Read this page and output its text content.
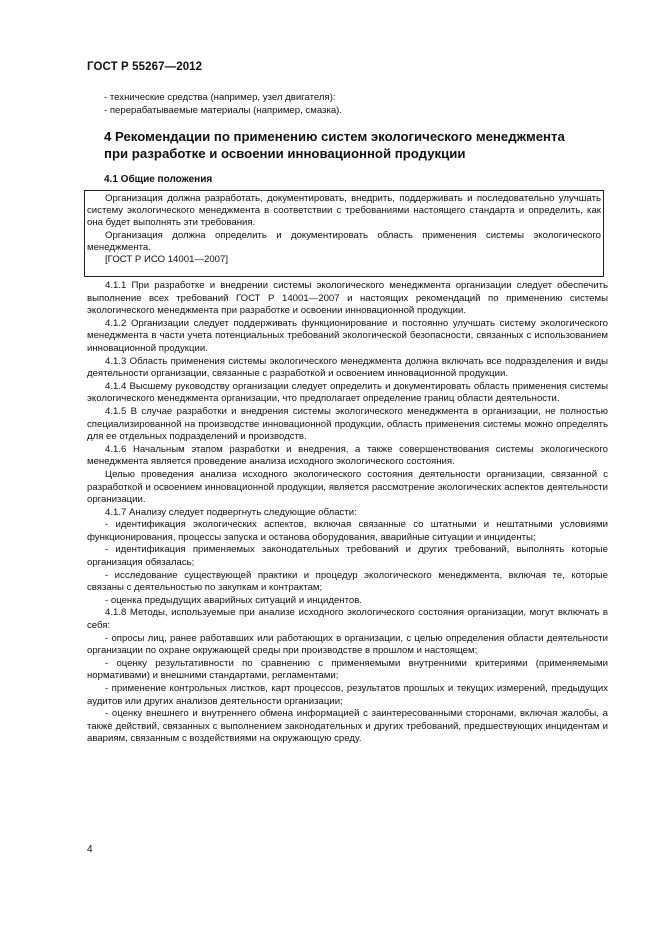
ГОСТ Р 55267—2012
- технические средства (например, узел двигателя):
- перерабатываемые материалы (например, смазка).
4 Рекомендации по применению систем экологического менеджмента
при разработке и освоении инновационной продукции
4.1 Общие положения

Организация должна разработать, документировать, внедрить, поддерживать и последовательно улучшать систему экологического менеджмента в соответствии с требованиями настоящего стандарта и определить, как она будет выполнять эти требования.

Организация должна определить и документировать область применения системы экологического менеджмента.

[ГОСТ Р ИСО 14001—2007]

4.1.1 При разработке и внедрении системы экологического менеджмента организации следует обеспечить выполнение всех требований ГОСТ Р 14001—2007 и настоящих рекомендаций по применению системы экологического менеджмента при разработке и освоении инновационной продукции.

4.1.2 Организации следует поддерживать функционирование и постоянно улучшать систему экологического менеджмента в части учета потенциальных требований экологической безопасности, связанных с использованием инновационной продукции.

4.1.3 Область применения системы экологического менеджмента должна включать все подразделения и виды деятельности организации, связанные с разработкой и освоением инновационной продукции.

4.1.4 Высшему руководству организации следует определить и документировать область применения системы экологического менеджмента организации, что предполагает определение границ области деятельности.

4.1.5 В случае разработки и внедрения системы экологического менеджмента в организации, не полностью специализированной на производстве инновационной продукции, область применения системы можно определять для ее отдельных подразделений и производств.

4.1.6 Начальным этапом разработки и внедрения, а также совершенствования системы экологического менеджмента является проведение анализа исходного экологического состояния.

Целью проведения анализа исходного экологического состояния деятельности организации, связанной с разработкой и освоением инновационной продукции, является рассмотрение экологических аспектов деятельности организации.

4.1.7 Анализу следует подвергнуть следующие области:

- идентификация экологических аспектов, включая связанные со штатными и нештатными условиями функционирования, процессы запуска и останова оборудования, аварийные ситуации и инциденты;

- идентификация применяемых законодательных требований и других требований, выполнять которые организация обязалась;

- исследование существующей практики и процедур экологического менеджмента, включая те, которые связаны с деятельностью по закупкам и контрактам;

- оценка предыдущих аварийных ситуаций и инцидентов.

4.1.8 Методы, используемые при анализе исходного экологического состояния организации, могут включать в себя:

- опросы лиц, ранее работавших или работающих в организации, с целью определения области деятельности организации по охране окружающей среды при производстве в прошлом и настоящем;

- оценку результативности по сравнению с применяемыми внутренними критериями (применяемыми нормативами) и внешними стандартами, регламентами;

- применение контрольных листков, карт процессов, результатов прошлых и текущих измерений, предыдущих аудитов или других анализов деятельности организации;

- оценку внешнего и внутреннего обмена информацией с заинтересованными сторонами, включая жалобы, а также действий, связанных с выполнением законодательных и других требований, предшествующих инцидентам и авариям, связанным с воздействиями на окружающую среду.

4
